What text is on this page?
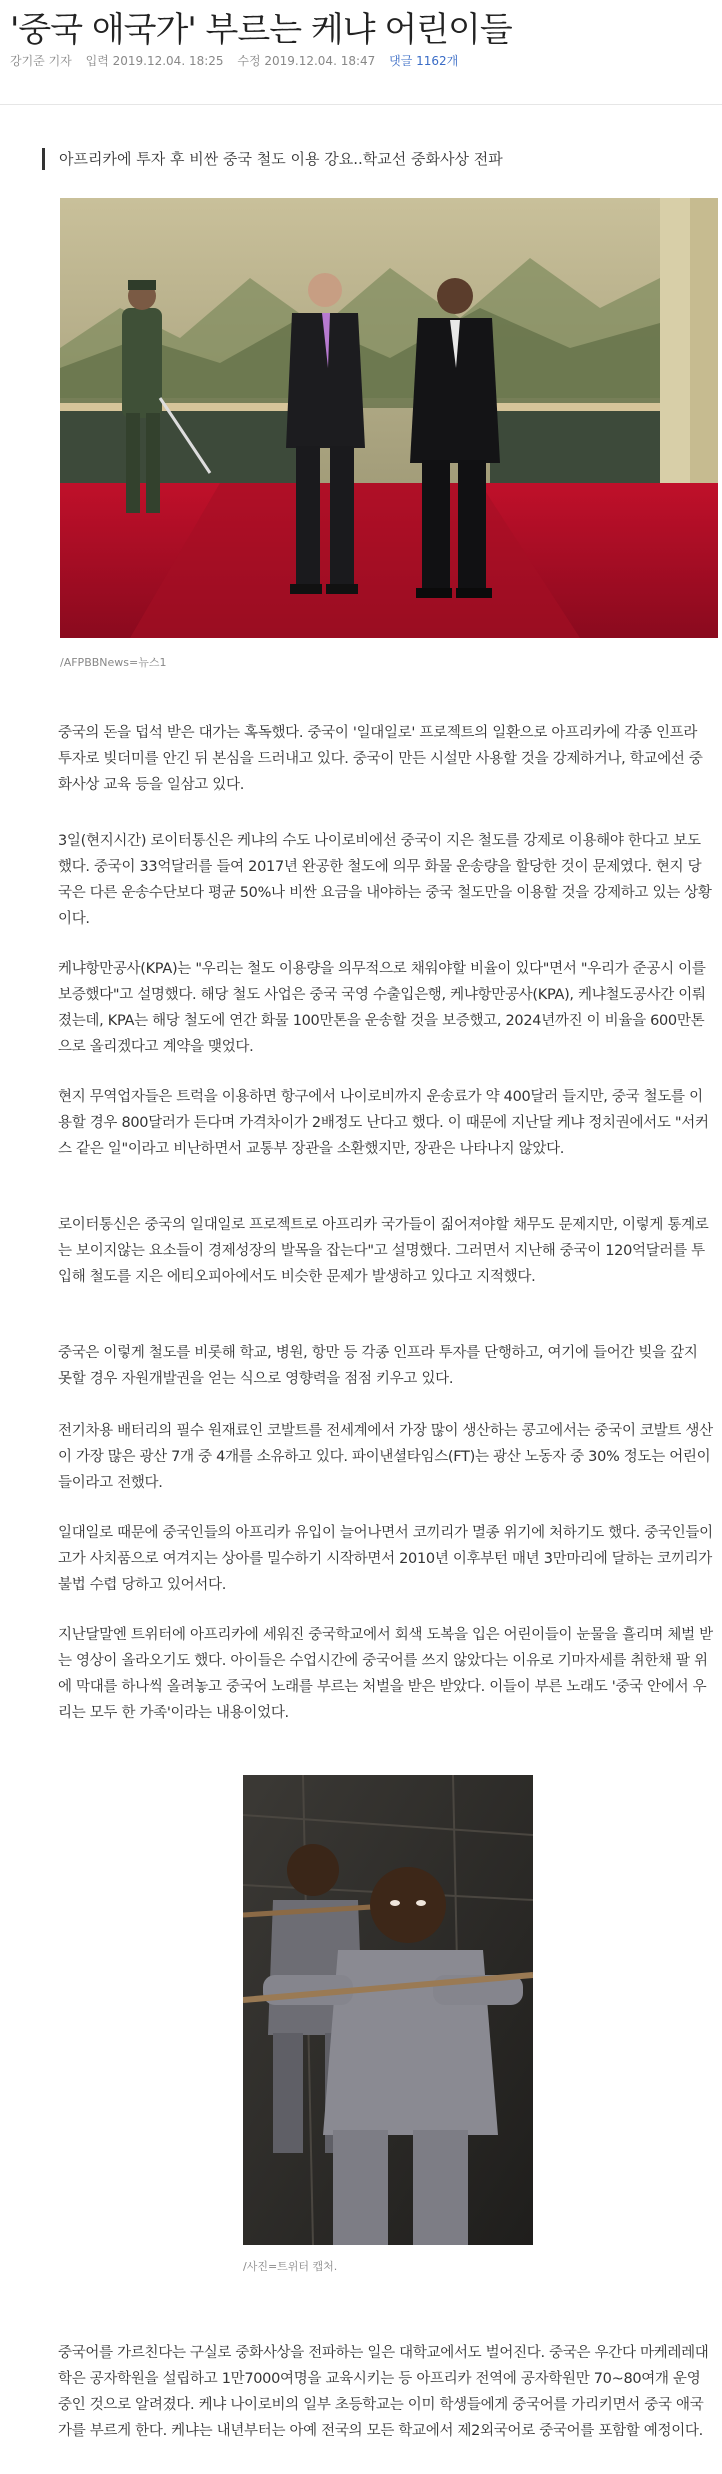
'중국 애국가' 부르는 케냐 어린이들
강기준 기자 입력 2019.12.04. 18:25 수정 2019.12.04. 18:47 댓글 1162개
아프리카에 투자 후 비싼 중국 철도 이용 강요..학교선 중화사상 전파
/AFPBBNews=뉴스1

중국의 돈을 덥석 받은 대가는 혹독했다. 중국이 '일대일로' 프로젝트의 일환으로 아프리카에 각종 인프라 투자로 빚더미를 안긴 뒤 본심을 드러내고 있다. 중국이 만든 시설만 사용할 것을 강제하거나, 학교에선 중화사상 교육 등을 일삼고 있다.

3일(현지시간) 로이터통신은 케냐의 수도 나이로비에선 중국이 지은 철도를 강제로 이용해야 한다고 보도했다. 중국이 33억달러를 들여 2017년 완공한 철도에 의무 화물 운송량을 할당한 것이 문제였다. 현지 당국은 다른 운송수단보다 평균 50%나 비싼 요금을 내야하는 중국 철도만을 이용할 것을 강제하고 있는 상황이다.

케냐항만공사(KPA)는 "우리는 철도 이용량을 의무적으로 채워야할 비율이 있다"면서 "우리가 준공시 이를 보증했다"고 설명했다. 해당 철도 사업은 중국 국영 수출입은행, 케냐항만공사(KPA), 케냐철도공사간 이뤄졌는데, KPA는 해당 철도에 연간 화물 100만톤을 운송할 것을 보증했고, 2024년까진 이 비율을 600만톤으로 올리겠다고 계약을 맺었다.

현지 무역업자들은 트럭을 이용하면 항구에서 나이로비까지 운송료가 약 400달러 들지만, 중국 철도를 이용할 경우 800달러가 든다며 가격차이가 2배정도 난다고 했다. 이 때문에 지난달 케냐 정치권에서도 "서커스 같은 일"이라고 비난하면서 교통부 장관을 소환했지만, 장관은 나타나지 않았다.

로이터통신은 중국의 일대일로 프로젝트로 아프리카 국가들이 짊어져야할 채무도 문제지만, 이렇게 통계로는 보이지않는 요소들이 경제성장의 발목을 잡는다"고 설명했다. 그러면서 지난해 중국이 120억달러를 투입해 철도를 지은 에티오피아에서도 비슷한 문제가 발생하고 있다고 지적했다.

중국은 이렇게 철도를 비롯해 학교, 병원, 항만 등 각종 인프라 투자를 단행하고, 여기에 들어간 빚을 갚지 못할 경우 자원개발권을 얻는 식으로 영향력을 점점 키우고 있다.

전기차용 배터리의 필수 원재료인 코발트를 전세계에서 가장 많이 생산하는 콩고에서는 중국이 코발트 생산이 가장 많은 광산 7개 중 4개를 소유하고 있다. 파이낸셜타임스(FT)는 광산 노동자 중 30% 정도는 어린이들이라고 전했다.

일대일로 때문에 중국인들의 아프리카 유입이 늘어나면서 코끼리가 멸종 위기에 처하기도 했다. 중국인들이 고가 사치품으로 여겨지는 상아를 밀수하기 시작하면서 2010년 이후부턴 매년 3만마리에 달하는 코끼리가 불법 수렵 당하고 있어서다.

지난달말엔 트위터에 아프리카에 세워진 중국학교에서 회색 도복을 입은 어린이들이 눈물을 흘리며 체벌 받는 영상이 올라오기도 했다. 아이들은 수업시간에 중국어를 쓰지 않았다는 이유로 기마자세를 취한채 팔 위에 막대를 하나씩 올려놓고 중국어 노래를 부르는 처벌을 받은 받았다. 이들이 부른 노래도 '중국 안에서 우리는 모두 한 가족'이라는 내용이었다.

/사진=트위터 캡처.

중국어를 가르친다는 구실로 중화사상을 전파하는 일은 대학교에서도 벌어진다. 중국은 우간다 마케레레대학은 공자학원을 설립하고 1만7000여명을 교육시키는 등 아프리카 전역에 공자학원만 70~80여개 운영 중인 것으로 알려졌다. 케냐 나이로비의 일부 초등학교는 이미 학생들에게 중국어를 가리키면서 중국 애국가를 부르게 한다. 케냐는 내년부터는 아예 전국의 모든 학교에서 제2외국어로 중국어를 포함할 예정이다.
